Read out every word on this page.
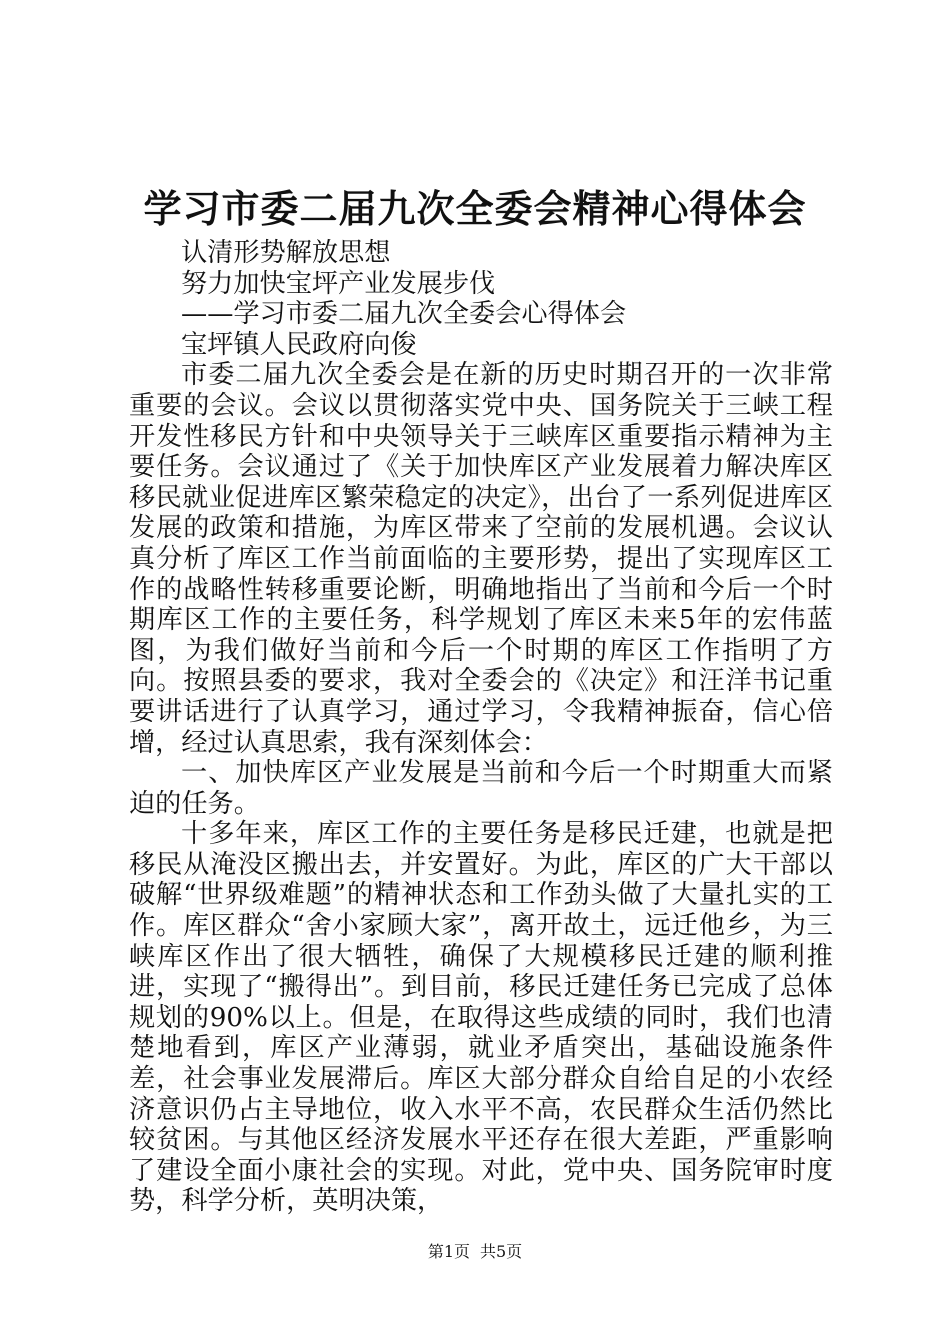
学习市委二届九次全委会精神心得体会

认清形势解放思想

努力加快宝坪产业发展步伐

——学习市委二届九次全委会心得体会

宝坪镇人民政府向俊

市委二届九次全委会是在新的历史时期召开的一次非常重要的会议。会议以贯彻落实党中央、国务院关于三峡工程开发性移民方针和中央领导关于三峡库区重要指示精神为主要任务。会议通过了《关于加快库区产业发展着力解决库区移民就业促进库区繁荣稳定的决定》，出台了一系列促进库区发展的政策和措施，为库区带来了空前的发展机遇。会议认真分析了库区工作当前面临的主要形势，提出了实现库区工作的战略性转移重要论断，明确地指出了当前和今后一个时期库区工作的主要任务，科学规划了库区未来5年的宏伟蓝图，为我们做好当前和今后一个时期的库区工作指明了方向。按照县委的要求，我对全委会的《决定》和汪洋书记重要讲话进行了认真学习，通过学习，令我精神振奋，信心倍增，经过认真思索，我有深刻体会：

一、加快库区产业发展是当前和今后一个时期重大而紧迫的任务。

十多年来，库区工作的主要任务是移民迁建，也就是把移民从淹没区搬出去，并安置好。为此，库区的广大干部以破解“世界级难题”的精神状态和工作劲头做了大量扎实的工作。库区群众“舍小家顾大家”，离开故土，远迁他乡，为三峡库区作出了很大牺牲，确保了大规模移民迁建的顺利推进，实现了“搬得出”。到目前，移民迁建任务已完成了总体规划的90%以上。但是，在取得这些成绩的同时，我们也清楚地看到，库区产业薄弱，就业矛盾突出，基础设施条件差，社会事业发展滞后。库区大部分群众自给自足的小农经济意识仍占主导地位，收入水平不高，农民群众生活仍然比较贫困。与其他区经济发展水平还存在很大差距，严重影响了建设全面小康社会的实现。对此，党中央、国务院审时度势，科学分析，英明决策，

第1页 共5页
